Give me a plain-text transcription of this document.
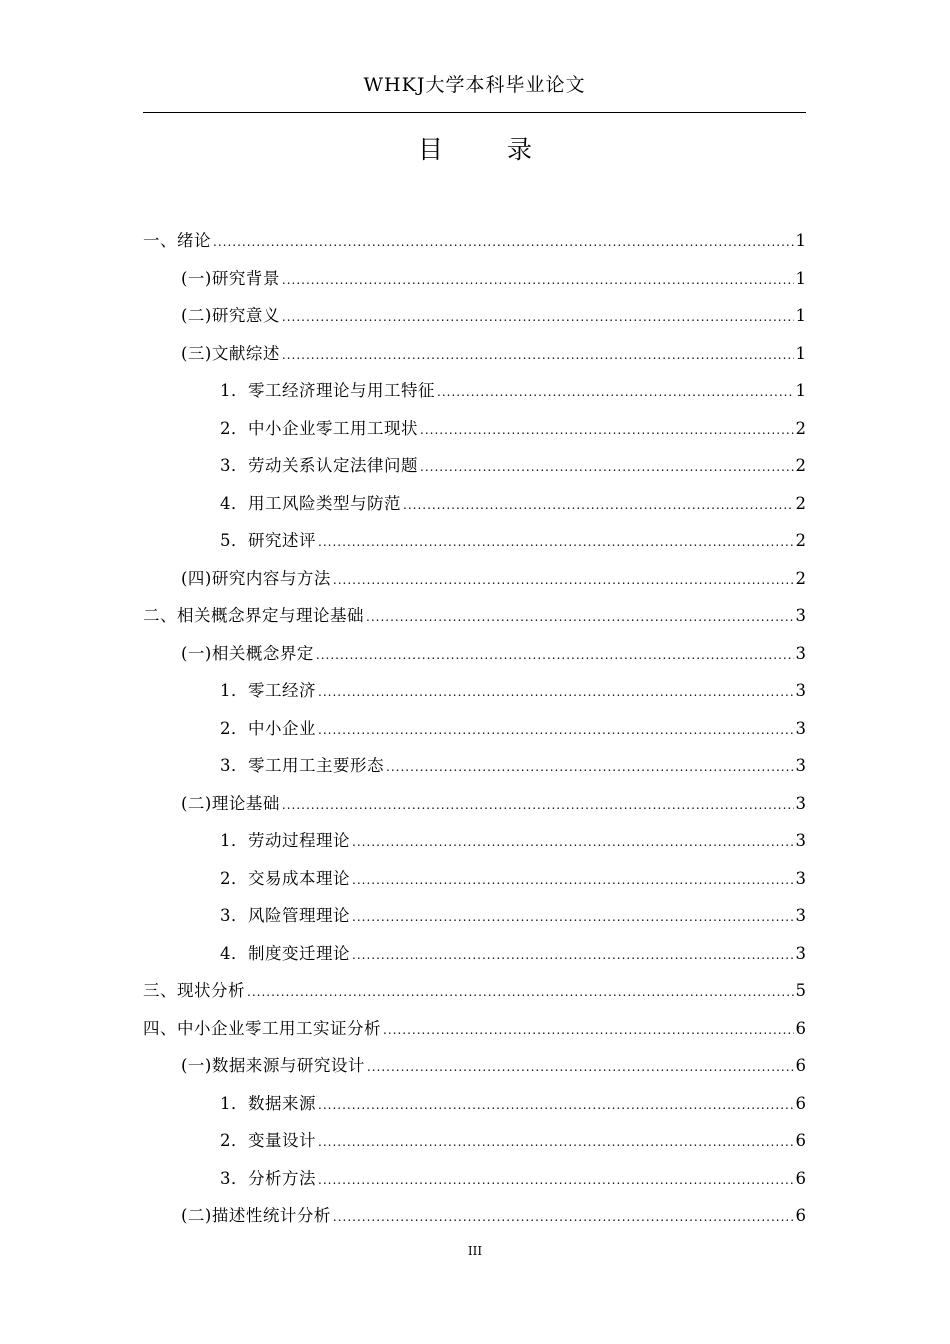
WHKJ大学本科毕业论文
目 录
一、绪论 .....	1
(一)研究背景 .....	1
(二)研究意义 .....	1
(三)文献综述 .....	1
1．零工经济理论与用工特征 .....	1
2．中小企业零工用工现状 .....	2
3．劳动关系认定法律问题 .....	2
4．用工风险类型与防范 .....	2
5．研究述评 .....	2
(四)研究内容与方法 .....	2
二、相关概念界定与理论基础 .....	3
(一)相关概念界定 .....	3
1．零工经济 .....	3
2．中小企业 .....	3
3．零工用工主要形态 .....	3
(二)理论基础 .....	3
1．劳动过程理论 .....	3
2．交易成本理论 .....	3
3．风险管理理论 .....	3
4．制度变迁理论 .....	3
三、现状分析 .....	5
四、中小企业零工用工实证分析 .....	6
(一)数据来源与研究设计 .....	6
1．数据来源 .....	6
2．变量设计 .....	6
3．分析方法 .....	6
(二)描述性统计分析 .....	6
III
